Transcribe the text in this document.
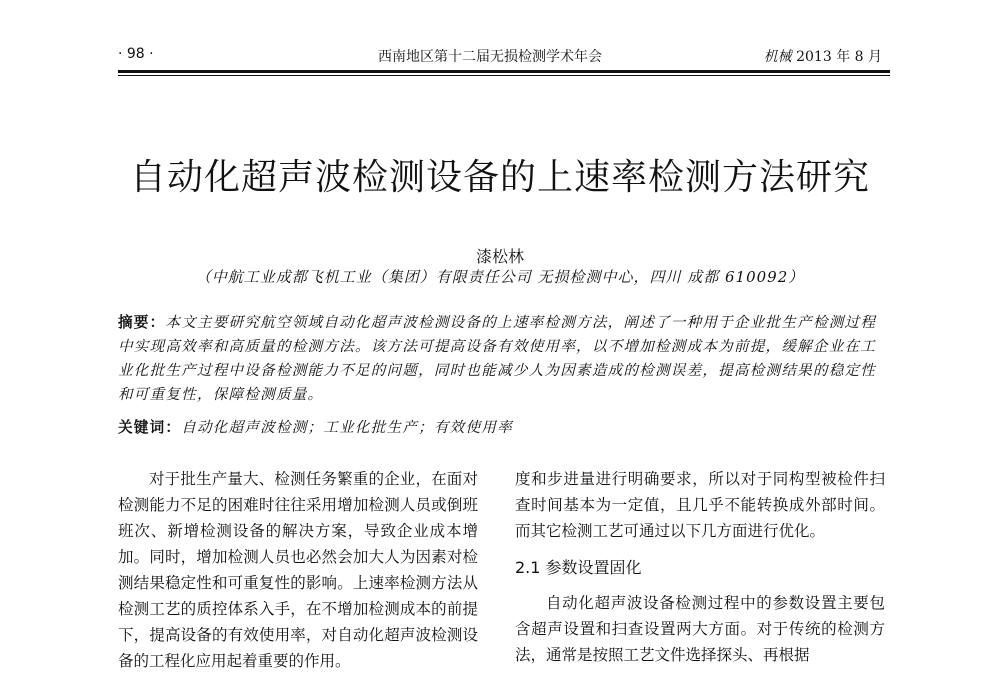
· 98 ·	西南地区第十二届无损检测学术年会	机械 2013 年 8 月
自动化超声波检测设备的上速率检测方法研究
漆松林
（中航工业成都飞机工业（集团）有限责任公司 无损检测中心，四川 成都 610092）
摘要：本文主要研究航空领域自动化超声波检测设备的上速率检测方法，阐述了一种用于企业批生产检测过程中实现高效率和高质量的检测方法。该方法可提高设备有效使用率，以不增加检测成本为前提，缓解企业在工业化批生产过程中设备检测能力不足的问题，同时也能减少人为因素造成的检测误差，提高检测结果的稳定性和可重复性，保障检测质量。
关键词：自动化超声波检测；工业化批生产；有效使用率

对于批生产量大、检测任务繁重的企业，在面对检测能力不足的困难时往往采用增加检测人员或倒班班次、新增检测设备的解决方案，导致企业成本增加。同时，增加检测人员也必然会加大人为因素对检测结果稳定性和可重复性的影响。上速率检测方法从检测工艺的质控体系入手，在不增加检测成本的前提下，提高设备的有效使用率，对自动化超声波检测设备的工程化应用起着重要的作用。

度和步进量进行明确要求，所以对于同构型被检件扫查时间基本为一定值，且几乎不能转换成外部时间。而其它检测工艺可通过以下几方面进行优化。

2.1 参数设置固化

自动化超声波设备检测过程中的参数设置主要包含超声设置和扫查设置两大方面。对于传统的检测方法，通常是按照工艺文件选择探头、再根据
